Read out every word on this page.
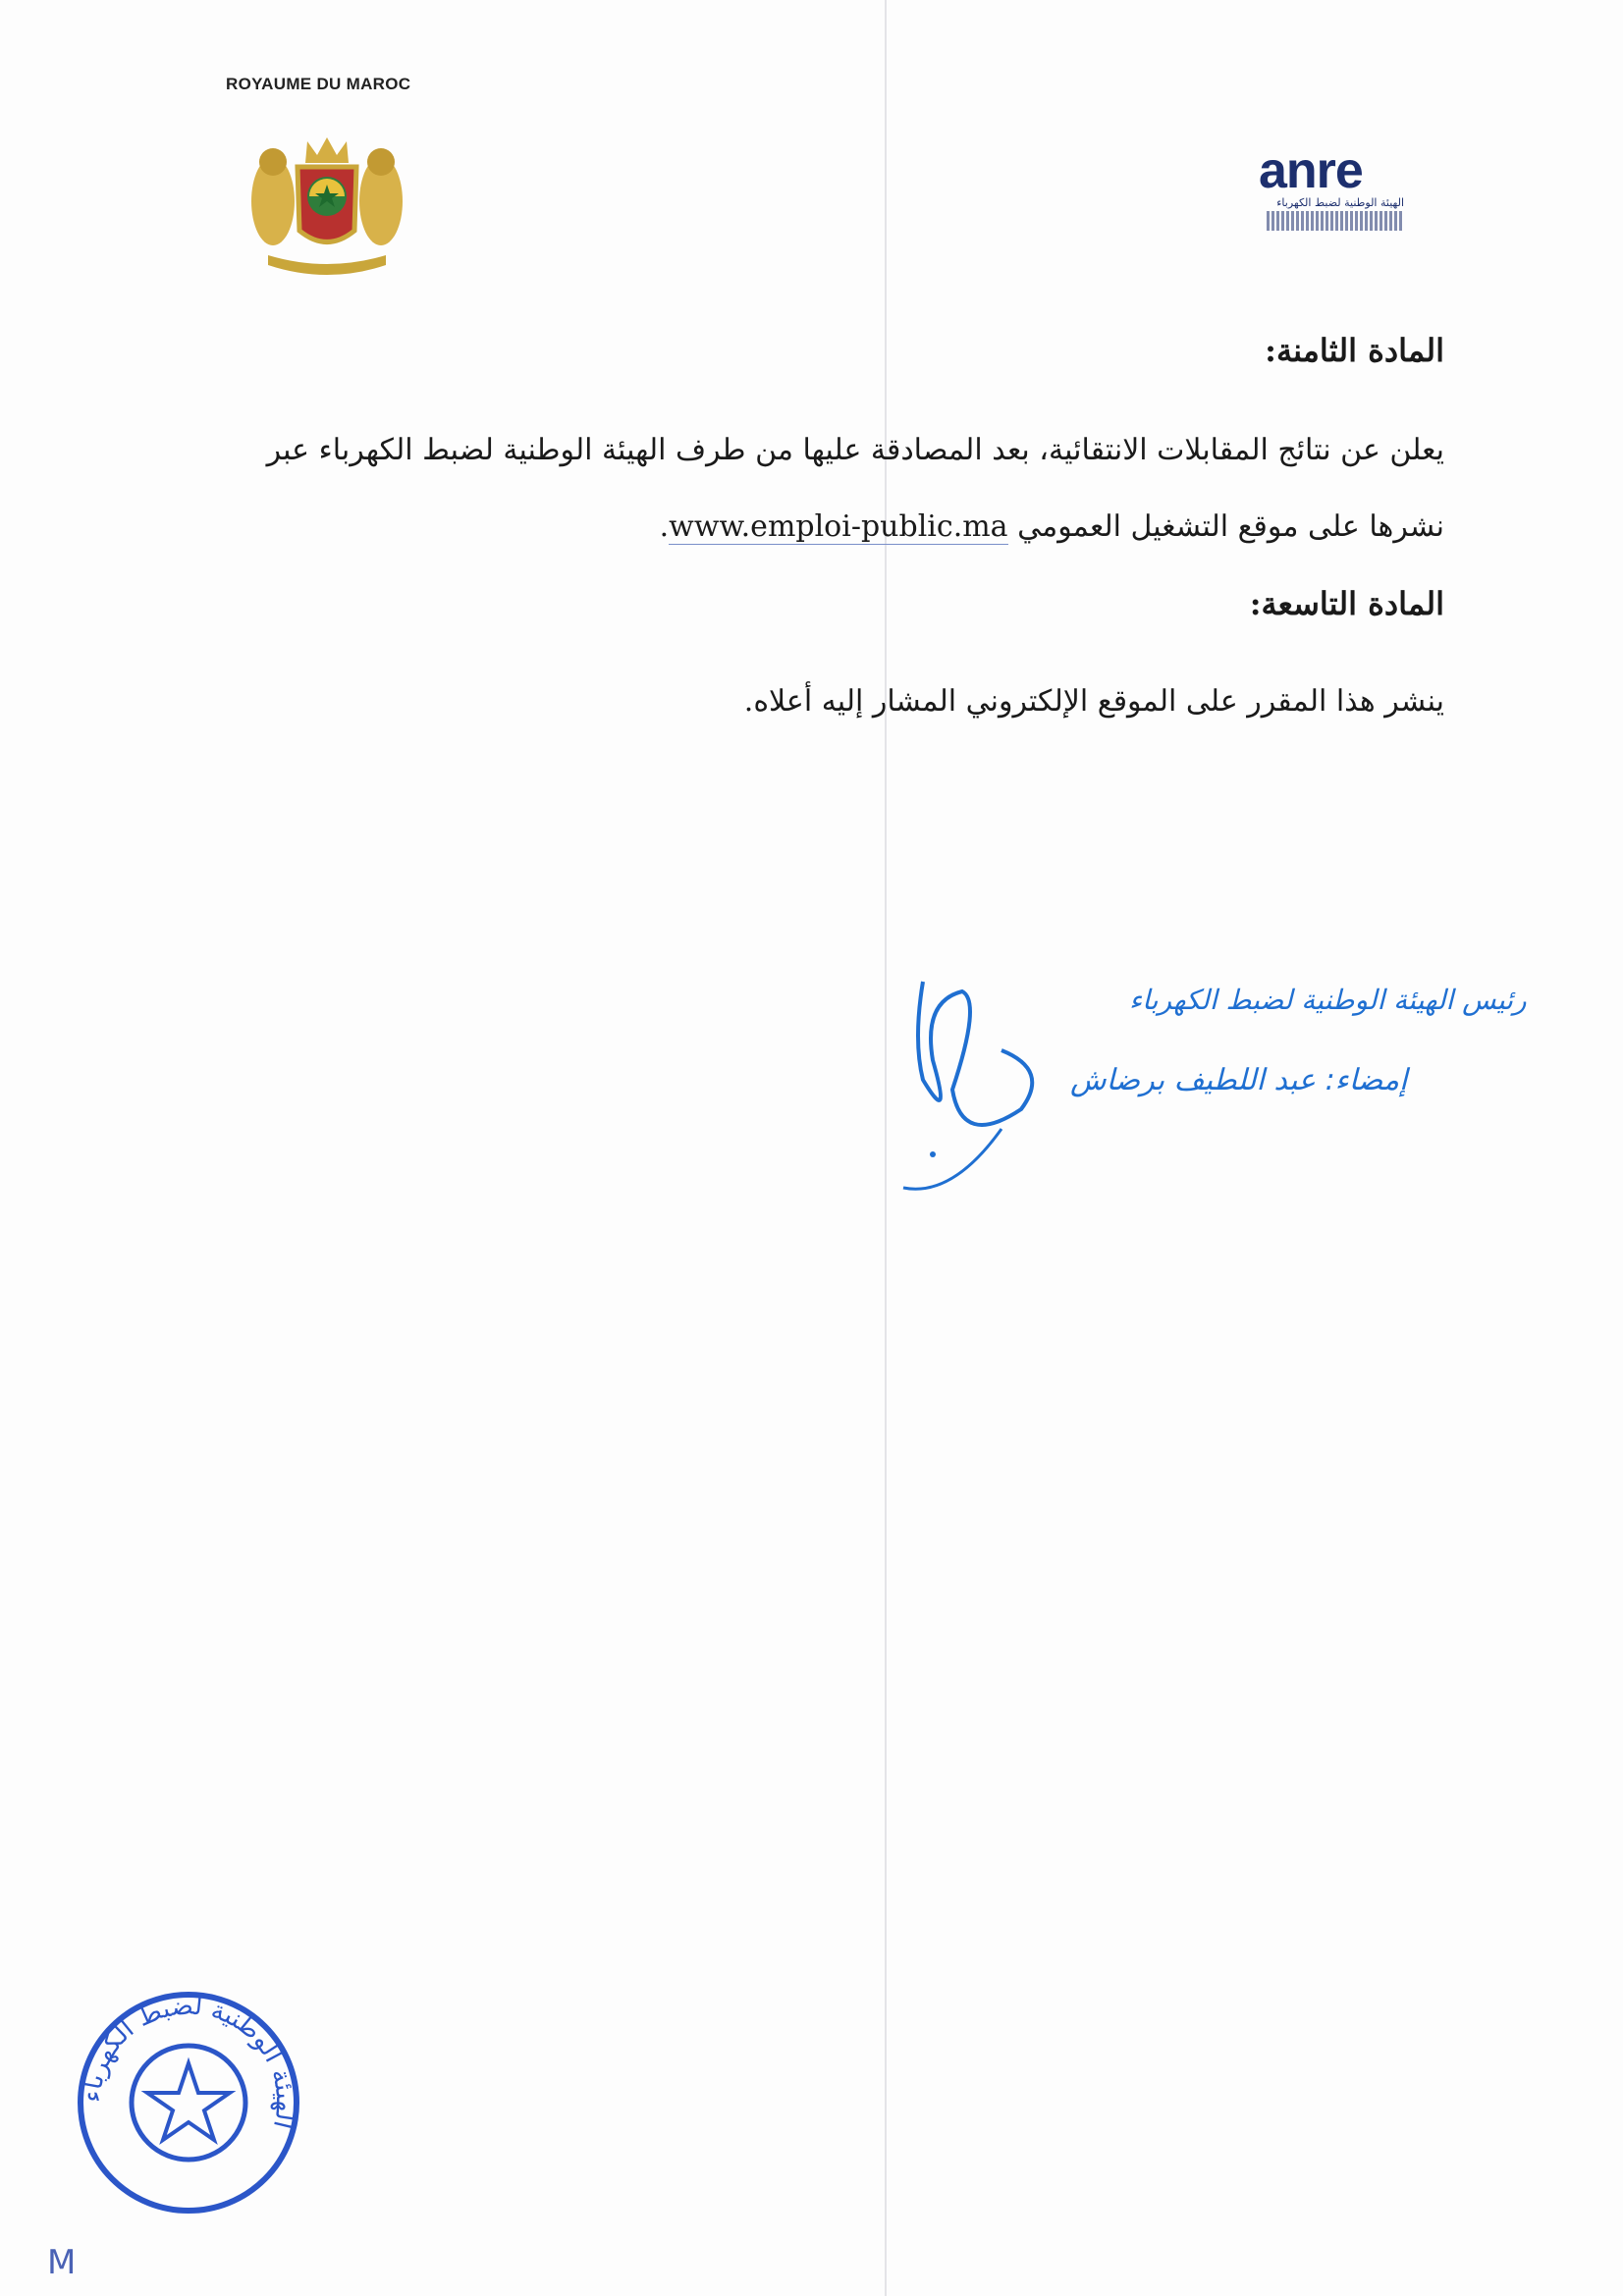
ROYAUME DU MAROC
anre
الهيئة الوطنية لضبط الكهرباء
المادة الثامنة:
يعلن عن نتائج المقابلات الانتقائية، بعد المصادقة عليها من طرف الهيئة الوطنية لضبط الكهرباء عبر
نشرها على موقع التشغيل العمومي www.emploi-public.ma.
المادة التاسعة:
ينشر هذا المقرر على الموقع الإلكتروني المشار إليه أعلاه.
رئيس الهيئة الوطنية لضبط الكهرباء
إمضاء: عبد اللطيف برضاش
الهيئة الوطنية لضبط الكهرباء
M
